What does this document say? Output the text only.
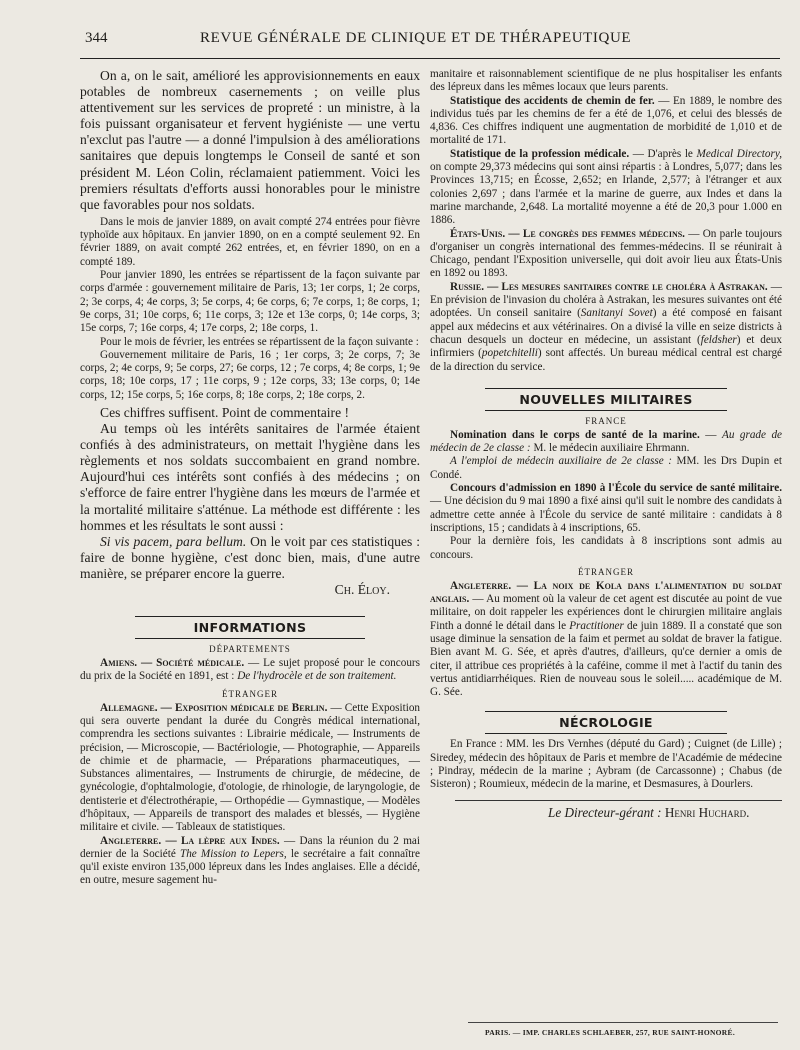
344	REVUE GÉNÉRALE DE CLINIQUE ET DE THÉRAPEUTIQUE

On a, on le sait, amélioré les approvisionnements en eaux potables de nombreux casernements ; on veille plus attentivement sur les services de propreté : un ministre, à la fois puissant organisateur et fervent hygiéniste — une vertu n'exclut pas l'autre — a donné l'impulsion à des améliorations sanitaires que depuis longtemps le Conseil de santé et son président M. Léon Colin, réclamaient patiemment. Voici les premiers résultats d'efforts aussi honorables pour le ministre que favorables pour nos soldats.

Dans le mois de janvier 1889, on avait compté 274 entrées pour fièvre typhoïde aux hôpitaux. En janvier 1890, on en a compté seulement 92. En février 1889, on avait compté 262 entrées, et, en février 1890, on en a compté 189.

Pour janvier 1890, les entrées se répartissent de la façon suivante par corps d'armée : gouvernement militaire de Paris, 13; 1er corps, 1; 2e corps, 2; 3e corps, 4; 4e corps, 3; 5e corps, 4; 6e corps, 6; 7e corps, 1; 8e corps, 1; 9e corps, 31; 10e corps, 6; 11e corps, 3; 12e et 13e corps, 0; 14e corps, 3; 15e corps, 7; 16e corps, 4; 17e corps, 2; 18e corps, 1.

Pour le mois de février, les entrées se répartissent de la façon suivante :

Gouvernement militaire de Paris, 16 ; 1er corps, 3; 2e corps, 7; 3e corps, 2; 4e corps, 9; 5e corps, 27; 6e corps, 12 ; 7e corps, 4; 8e corps, 1; 9e corps, 18; 10e corps, 17 ; 11e corps, 9 ; 12e corps, 33; 13e corps, 0; 14e corps, 12; 15e corps, 5; 16e corps, 8; 18e corps, 2; 18e corps, 2.

Ces chiffres suffisent. Point de commentaire !

Au temps où les intérêts sanitaires de l'armée étaient confiés à des administrateurs, on mettait l'hygiène dans les règlements et nos soldats succombaient en grand nombre. Aujourd'hui ces intérêts sont confiés à des médecins ; on s'efforce de faire entrer l'hygiène dans les mœurs de l'armée et la mortalité militaire s'atténue. La méthode est différente : les hommes et les résultats le sont aussi :

Si vis pacem, para bellum. On le voit par ces statistiques : faire de bonne hygiène, c'est donc bien, mais, d'une autre manière, se préparer encore la guerre.

Ch. Éloy.

INFORMATIONS
DÉPARTEMENTS

Amiens. — Société médicale. — Le sujet proposé pour le concours du prix de la Société en 1891, est : De l'hydrocèle et de son traitement.

ÉTRANGER

Allemagne. — Exposition médicale de Berlin. — Cette Exposition qui sera ouverte pendant la durée du Congrès médical international, comprendra les sections suivantes : Librairie médicale, — Instruments de précision, — Microscopie, — Bactériologie, — Photographie, — Appareils de chimie et de pharmacie, — Préparations pharmaceutiques, — Substances alimentaires, — Instruments de chirurgie, de médecine, de gynécologie, d'ophtalmologie, d'otologie, de rhinologie, de laryngologie, de dentisterie et d'électrothérapie, — Orthopédie — Gymnastique, — Modèles d'hôpitaux, — Appareils de transport des malades et blessés, — Hygiène militaire et civile. — Tableaux de statistiques.

Angleterre. — La lèpre aux Indes. — Dans la réunion du 2 mai dernier de la Société The Mission to Lepers, le secrétaire a fait connaître qu'il existe environ 135,000 lépreux dans les Indes anglaises. Elle a décidé, en outre, mesure sagement hu-

manitaire et raisonnablement scientifique de ne plus hospitaliser les enfants des lépreux dans les mêmes locaux que leurs parents.

Statistique des accidents de chemin de fer. — En 1889, le nombre des individus tués par les chemins de fer a été de 1,076, et celui des blessés de 4,836. Ces chiffres indiquent une augmentation de morbidité de 1,010 et de mortalité de 171.

Statistique de la profession médicale. — D'après le Medical Directory, on compte 29,373 médecins qui sont ainsi répartis : à Londres, 5,077; dans les Provinces 13,715; en Écosse, 2,652; en Irlande, 2,577; à l'étranger et aux colonies 2,697 ; dans l'armée et la marine de guerre, aux Indes et dans la marine marchande, 2,648. La mortalité moyenne a été de 20,3 pour 1.000 en 1886.

États-Unis. — Le congrès des femmes médecins. — On parle toujours d'organiser un congrès international des femmes-médecins. Il se réunirait à Chicago, pendant l'Exposition universelle, qui doit avoir lieu aux États-Unis en 1892 ou 1893.

Russie. — Les mesures sanitaires contre le choléra à Astrakan. — En prévision de l'invasion du choléra à Astrakan, les mesures suivantes ont été adoptées. Un conseil sanitaire (Sanitanyi Sovet) a été composé en faisant appel aux médecins et aux vétérinaires. On a divisé la ville en seize districts à chacun desquels un docteur en médecine, un assistant (feldsher) et deux infirmiers (popetchitelli) sont affectés. Un bureau médical central est chargé de la direction du service.

NOUVELLES MILITAIRES
FRANCE

Nomination dans le corps de santé de la marine. — Au grade de médecin de 2e classe : M. le médecin auxiliaire Ehrmann.

A l'emploi de médecin auxiliaire de 2e classe : MM. les Drs Dupin et Condé.

Concours d'admission en 1890 à l'École du service de santé militaire. — Une décision du 9 mai 1890 a fixé ainsi qu'il suit le nombre des candidats à admettre cette année à l'École du service de santé militaire : candidats à 8 inscriptions, 15 ; candidats à 4 inscriptions, 65.

Pour la dernière fois, les candidats à 8 inscriptions sont admis au concours.

ÉTRANGER

Angleterre. — La noix de Kola dans l'alimentation du soldat anglais. — Au moment où la valeur de cet agent est discutée au point de vue militaire, on doit rappeler les expériences dont le chirurgien militaire anglais Finth a donné le détail dans le Practitioner de juin 1889. Il a constaté que son usage diminue la sensation de la faim et permet au soldat de braver la fatigue. Bien avant M. G. Sée, et après d'autres, d'ailleurs, qu'ce dernier a omis de citer, il attribue ces propriétés à la caféine, comme il met à l'actif du tanin des vertus antidiarrhéiques. Rien de nouveau sous le soleil..... académique de M. G. Sée.

NÉCROLOGIE

En France : MM. les Drs Vernhes (député du Gard) ; Cuignet (de Lille) ; Siredey, médecin des hôpitaux de Paris et membre de l'Académie de médecine ; Pindray, médecin de la marine ; Aybram (de Carcassonne) ; Chabus (de Sisteron) ; Roumieux, médecin de la marine, et Desmasures, à Dourlers.

Le Directeur-gérant : Henri Huchard.

PARIS. — IMP. CHARLES SCHLAEBER, 257, RUE SAINT-HONORÉ.
